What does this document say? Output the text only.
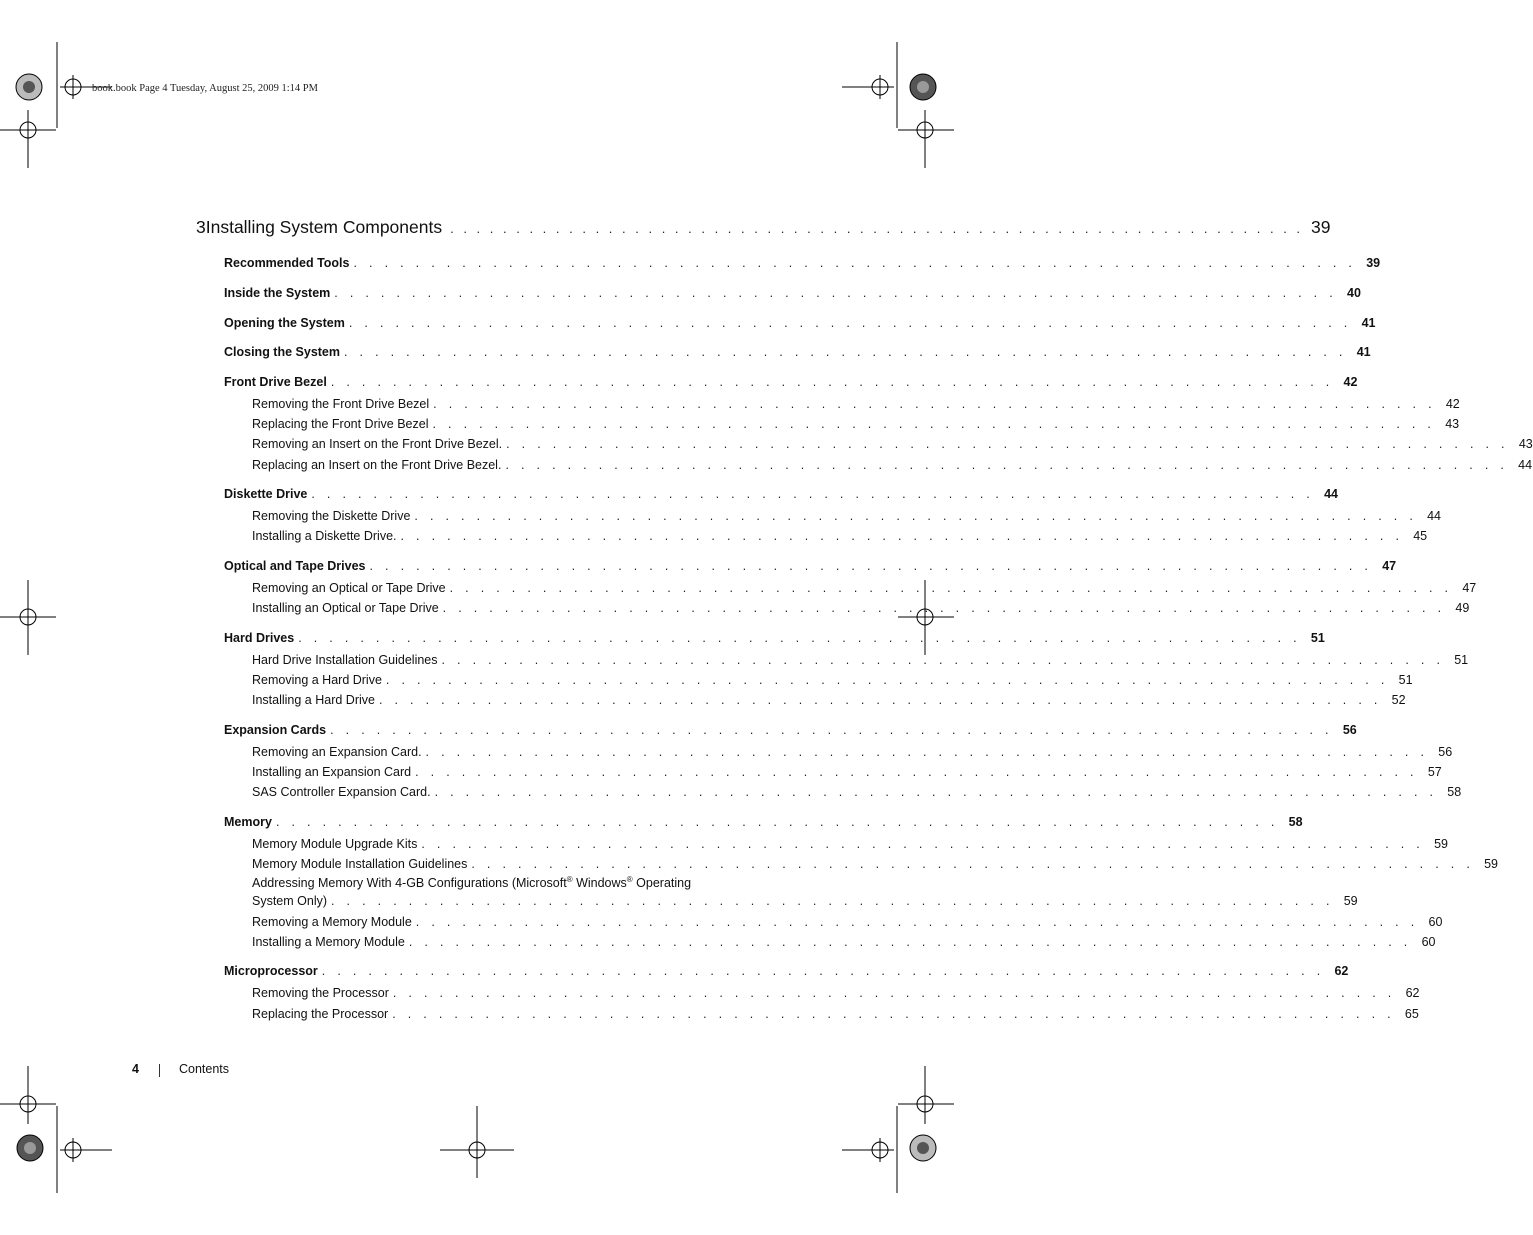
book.book Page 4 Tuesday, August 25, 2009 1:14 PM
3 Installing System Components . . . . . . . . . . . . . . . . . . . . . . . . . . . . . . . . . . . . . . . . . . . . . . . . . . . . . . . . . . . . . . . . . 39
Recommended Tools . . . . . . . . . . . . . . . . . . . . . . . . . . . . . . . . . . . . . . . . . . . . . . . . . . . . . . . . . . . . . . . . . 39
Inside the System . . . . . . . . . . . . . . . . . . . . . . . . . . . . . . . . . . . . . . . . . . . . . . . . . . . . . . . . . . . . . . . . . 40
Opening the System . . . . . . . . . . . . . . . . . . . . . . . . . . . . . . . . . . . . . . . . . . . . . . . . . . . . . . . . . . . . . . . . . 41
Closing the System . . . . . . . . . . . . . . . . . . . . . . . . . . . . . . . . . . . . . . . . . . . . . . . . . . . . . . . . . . . . . . . . . 41
Front Drive Bezel . . . . . . . . . . . . . . . . . . . . . . . . . . . . . . . . . . . . . . . . . . . . . . . . . . . . . . . . . . . . . . . . . 42
Removing the Front Drive Bezel . . . . . . . . . . . . . . . . . . . . . . . . . . . . . . . . . . . . . . . . . . . . . . . . . . . . . . . . . . . . . . . . . 42
Replacing the Front Drive Bezel . . . . . . . . . . . . . . . . . . . . . . . . . . . . . . . . . . . . . . . . . . . . . . . . . . . . . . . . . . . . . . . . . 43
Removing an Insert on the Front Drive Bezel. . . . . . . . . . . . . . . . . . . . . . . . . . . . . . . . . . . . . . . . . . . . . . . . . . . . . . . . . . . . . . . . . . 43
Replacing an Insert on the Front Drive Bezel. . . . . . . . . . . . . . . . . . . . . . . . . . . . . . . . . . . . . . . . . . . . . . . . . . . . . . . . . . . . . . . . . . 44
Diskette Drive . . . . . . . . . . . . . . . . . . . . . . . . . . . . . . . . . . . . . . . . . . . . . . . . . . . . . . . . . . . . . . . . . 44
Removing the Diskette Drive . . . . . . . . . . . . . . . . . . . . . . . . . . . . . . . . . . . . . . . . . . . . . . . . . . . . . . . . . . . . . . . . . 44
Installing a Diskette Drive. . . . . . . . . . . . . . . . . . . . . . . . . . . . . . . . . . . . . . . . . . . . . . . . . . . . . . . . . . . . . . . . . . 45
Optical and Tape Drives . . . . . . . . . . . . . . . . . . . . . . . . . . . . . . . . . . . . . . . . . . . . . . . . . . . . . . . . . . . . . . . . . 47
Removing an Optical or Tape Drive . . . . . . . . . . . . . . . . . . . . . . . . . . . . . . . . . . . . . . . . . . . . . . . . . . . . . . . . . . . . . . . . . 47
Installing an Optical or Tape Drive . . . . . . . . . . . . . . . . . . . . . . . . . . . . . . . . . . . . . . . . . . . . . . . . . . . . . . . . . . . . . . . . . 49
Hard Drives . . . . . . . . . . . . . . . . . . . . . . . . . . . . . . . . . . . . . . . . . . . . . . . . . . . . . . . . . . . . . . . . . 51
Hard Drive Installation Guidelines . . . . . . . . . . . . . . . . . . . . . . . . . . . . . . . . . . . . . . . . . . . . . . . . . . . . . . . . . . . . . . . . . 51
Removing a Hard Drive . . . . . . . . . . . . . . . . . . . . . . . . . . . . . . . . . . . . . . . . . . . . . . . . . . . . . . . . . . . . . . . . . 51
Installing a Hard Drive . . . . . . . . . . . . . . . . . . . . . . . . . . . . . . . . . . . . . . . . . . . . . . . . . . . . . . . . . . . . . . . . . 52
Expansion Cards . . . . . . . . . . . . . . . . . . . . . . . . . . . . . . . . . . . . . . . . . . . . . . . . . . . . . . . . . . . . . . . . . 56
Removing an Expansion Card. . . . . . . . . . . . . . . . . . . . . . . . . . . . . . . . . . . . . . . . . . . . . . . . . . . . . . . . . . . . . . . . . . 56
Installing an Expansion Card . . . . . . . . . . . . . . . . . . . . . . . . . . . . . . . . . . . . . . . . . . . . . . . . . . . . . . . . . . . . . . . . . 57
SAS Controller Expansion Card. . . . . . . . . . . . . . . . . . . . . . . . . . . . . . . . . . . . . . . . . . . . . . . . . . . . . . . . . . . . . . . . . . 58
Memory . . . . . . . . . . . . . . . . . . . . . . . . . . . . . . . . . . . . . . . . . . . . . . . . . . . . . . . . . . . . . . . . . 58
Memory Module Upgrade Kits . . . . . . . . . . . . . . . . . . . . . . . . . . . . . . . . . . . . . . . . . . . . . . . . . . . . . . . . . . . . . . . . . 59
Memory Module Installation Guidelines . . . . . . . . . . . . . . . . . . . . . . . . . . . . . . . . . . . . . . . . . . . . . . . . . . . . . . . . . . . . . . . . . 59
Addressing Memory With 4-GB Configurations (Microsoft® Windows® Operating
System Only) . . . . . . . . . . . . . . . . . . . . . . . . . . . . . . . . . . . . . . . . . . . . . . . . . . . . . . . . . . . . . . . . . 59
Removing a Memory Module . . . . . . . . . . . . . . . . . . . . . . . . . . . . . . . . . . . . . . . . . . . . . . . . . . . . . . . . . . . . . . . . . 60
Installing a Memory Module . . . . . . . . . . . . . . . . . . . . . . . . . . . . . . . . . . . . . . . . . . . . . . . . . . . . . . . . . . . . . . . . . 60
Microprocessor . . . . . . . . . . . . . . . . . . . . . . . . . . . . . . . . . . . . . . . . . . . . . . . . . . . . . . . . . . . . . . . . . 62
Removing the Processor . . . . . . . . . . . . . . . . . . . . . . . . . . . . . . . . . . . . . . . . . . . . . . . . . . . . . . . . . . . . . . . . . 62
Replacing the Processor . . . . . . . . . . . . . . . . . . . . . . . . . . . . . . . . . . . . . . . . . . . . . . . . . . . . . . . . . . . . . . . . . 65
4	Contents
